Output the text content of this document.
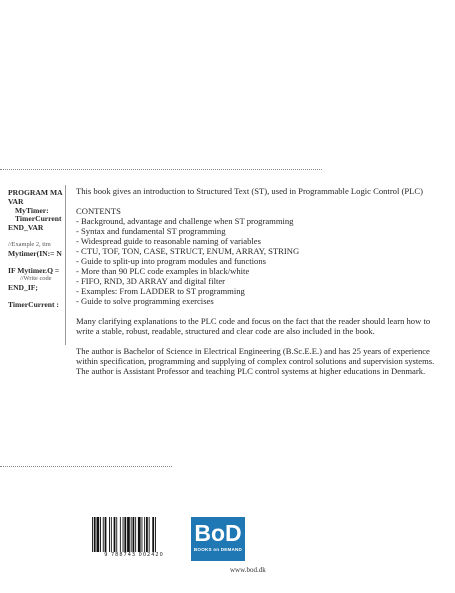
PROGRAM MA
VAR
MyTimer:
TimerCurrent
END_VAR
//Example 2, tim
Mytimer(IN:= N
IF Mytimer.Q =
//Write code
END_IF;
TimerCurrent :

This book gives an introduction to Structured Text (ST), used in Programmable Logic Control (PLC)

CONTENTS
- Background, advantage and challenge when ST programming
- Syntax and fundamental ST programming
- Widespread guide to reasonable naming of variables
- CTU, TOF, TON, CASE, STRUCT, ENUM, ARRAY, STRING
- Guide to split-up into program modules and functions
- More than 90 PLC code examples in black/white
- FIFO, RND, 3D ARRAY and digital filter
- Examples: From LADDER to ST programming
- Guide to solve programming exercises

Many clarifying explanations to the PLC code and focus on the fact that the reader should learn how to write a stable, robust, readable, structured and clear code are also included in the book.

The author is Bachelor of Science in Electrical Engineering (B.Sc.E.E.) and has 25 years of experience within specification, programming and supplying of complex control solutions and supervision systems. The author is Assistant Professor and teaching PLC control systems at higher educations in Denmark.

9 788743 002420
BoD
BOOKS on DEMAND
www.bod.dk
